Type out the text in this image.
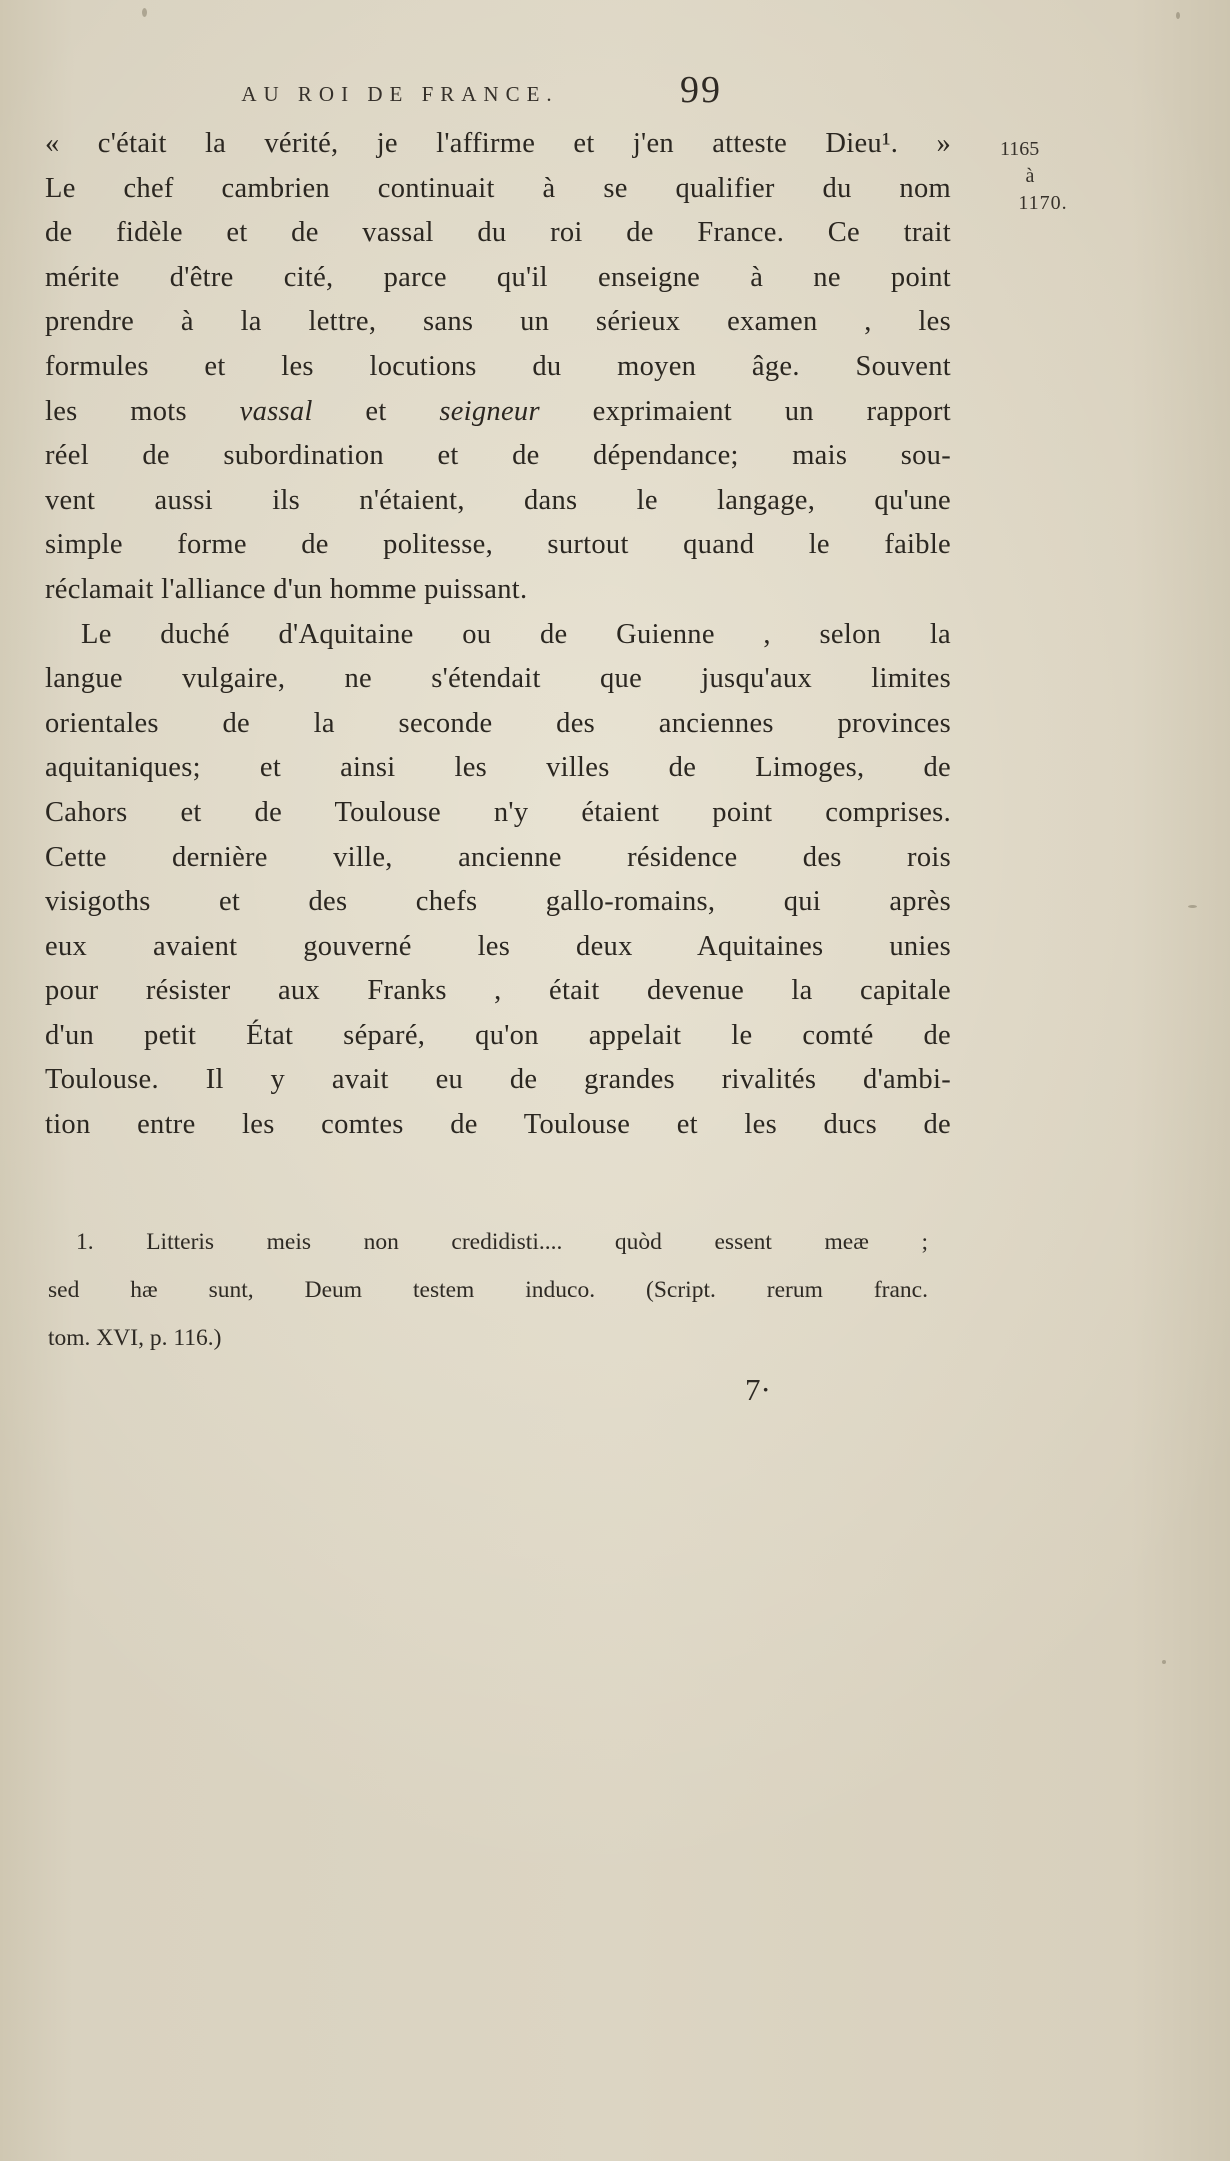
AU ROI DE FRANCE.	99
1165
à
1170.
« c'était la vérité, je l'affirme et j'en atteste Dieu¹. »
Le chef cambrien continuait à se qualifier du nom
de fidèle et de vassal du roi de France. Ce trait
mérite d'être cité, parce qu'il enseigne à ne point
prendre à la lettre, sans un sérieux examen , les
formules et les locutions du moyen âge. Souvent
les mots vassal et seigneur exprimaient un rapport
réel de subordination et de dépendance; mais sou-
vent aussi ils n'étaient, dans le langage, qu'une
simple forme de politesse, surtout quand le faible
réclamait l'alliance d'un homme puissant.
Le duché d'Aquitaine ou de Guienne , selon la
langue vulgaire, ne s'étendait que jusqu'aux limites
orientales de la seconde des anciennes provinces
aquitaniques; et ainsi les villes de Limoges, de
Cahors et de Toulouse n'y étaient point comprises.
Cette dernière ville, ancienne résidence des rois
visigoths et des chefs gallo-romains, qui après
eux avaient gouverné les deux Aquitaines unies
pour résister aux Franks , était devenue la capitale
d'un petit État séparé, qu'on appelait le comté de
Toulouse. Il y avait eu de grandes rivalités d'ambi-
tion entre les comtes de Toulouse et les ducs de
1. Litteris meis non credidisti.... quòd essent meæ ;
sed hæ sunt, Deum testem induco. (Script. rerum franc.
tom. XVI, p. 116.)
7·
